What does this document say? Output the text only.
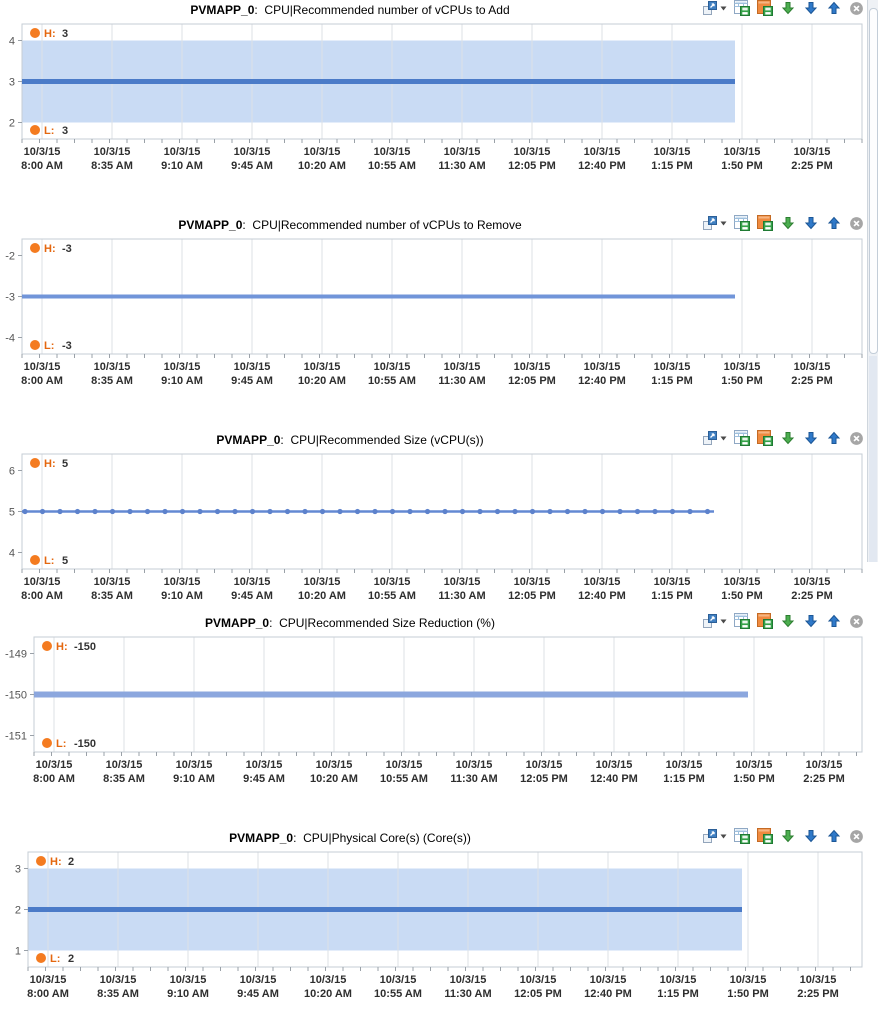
PVMAPP_0:  CPU|Recommended number of vCPUs to Add
4
3
2
10/3/15
8:00 AM
10/3/15
8:35 AM
10/3/15
9:10 AM
10/3/15
9:45 AM
10/3/15
10:20 AM
10/3/15
10:55 AM
10/3/15
11:30 AM
10/3/15
12:05 PM
10/3/15
12:40 PM
10/3/15
1:15 PM
10/3/15
1:50 PM
10/3/15
2:25 PM
H: 3
L: 3
PVMAPP_0:  CPU|Recommended number of vCPUs to Remove
-2
-3
-4
10/3/15
8:00 AM
10/3/15
8:35 AM
10/3/15
9:10 AM
10/3/15
9:45 AM
10/3/15
10:20 AM
10/3/15
10:55 AM
10/3/15
11:30 AM
10/3/15
12:05 PM
10/3/15
12:40 PM
10/3/15
1:15 PM
10/3/15
1:50 PM
10/3/15
2:25 PM
H: -3
L: -3
PVMAPP_0:  CPU|Recommended Size (vCPU(s))
6
5
4
10/3/15
8:00 AM
10/3/15
8:35 AM
10/3/15
9:10 AM
10/3/15
9:45 AM
10/3/15
10:20 AM
10/3/15
10:55 AM
10/3/15
11:30 AM
10/3/15
12:05 PM
10/3/15
12:40 PM
10/3/15
1:15 PM
10/3/15
1:50 PM
10/3/15
2:25 PM
H: 5
L: 5
PVMAPP_0:  CPU|Recommended Size Reduction (%)
-149
-150
-151
10/3/15
8:00 AM
10/3/15
8:35 AM
10/3/15
9:10 AM
10/3/15
9:45 AM
10/3/15
10:20 AM
10/3/15
10:55 AM
10/3/15
11:30 AM
10/3/15
12:05 PM
10/3/15
12:40 PM
10/3/15
1:15 PM
10/3/15
1:50 PM
10/3/15
2:25 PM
H: -150
L: -150
PVMAPP_0:  CPU|Physical Core(s) (Core(s))
3
2
1
10/3/15
8:00 AM
10/3/15
8:35 AM
10/3/15
9:10 AM
10/3/15
9:45 AM
10/3/15
10:20 AM
10/3/15
10:55 AM
10/3/15
11:30 AM
10/3/15
12:05 PM
10/3/15
12:40 PM
10/3/15
1:15 PM
10/3/15
1:50 PM
10/3/15
2:25 PM
H: 2
L: 2
